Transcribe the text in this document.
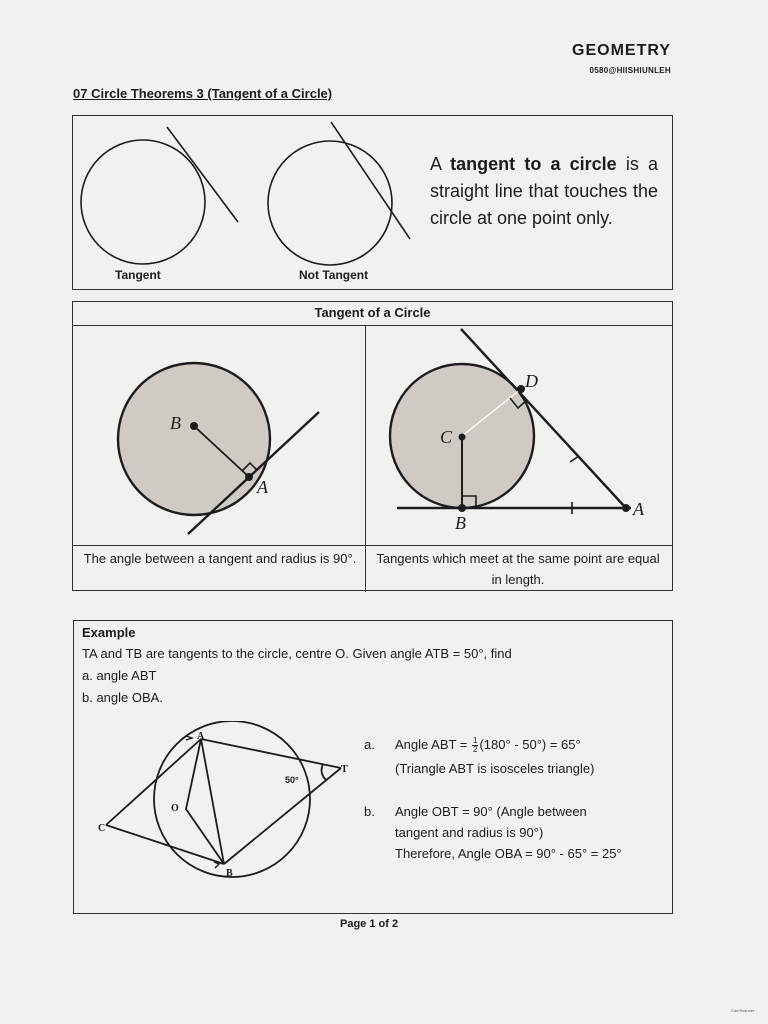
GEOMETRY
0580@HIISHIUNLEH
07 Circle Theorems 3 (Tangent of a Circle)
Tangent	Not Tangent
A tangent to a circle is a straight line that touches the circle at one point only.
Tangent of a Circle
B
A
C
D
B
A
The angle between a tangent and radius is 90°.	Tangents which meet at the same point are equal in length.
Example
TA and TB are tangents to the circle, centre O. Given angle ATB = 50°, find
a. angle ABT
b. angle OBA.
A
B
C
O
T
50°
a. Angle ABT = $\frac{1}{2} (180^\circ - 50^\circ) = 65^\circ$
(Triangle ABT is isosceles triangle)
b. Angle OBT = 90° (Angle between
tangent and radius is 90°)
Therefore, Angle OBA = 90° - 65° = 25°
Page 1 of 2
CamScanner
